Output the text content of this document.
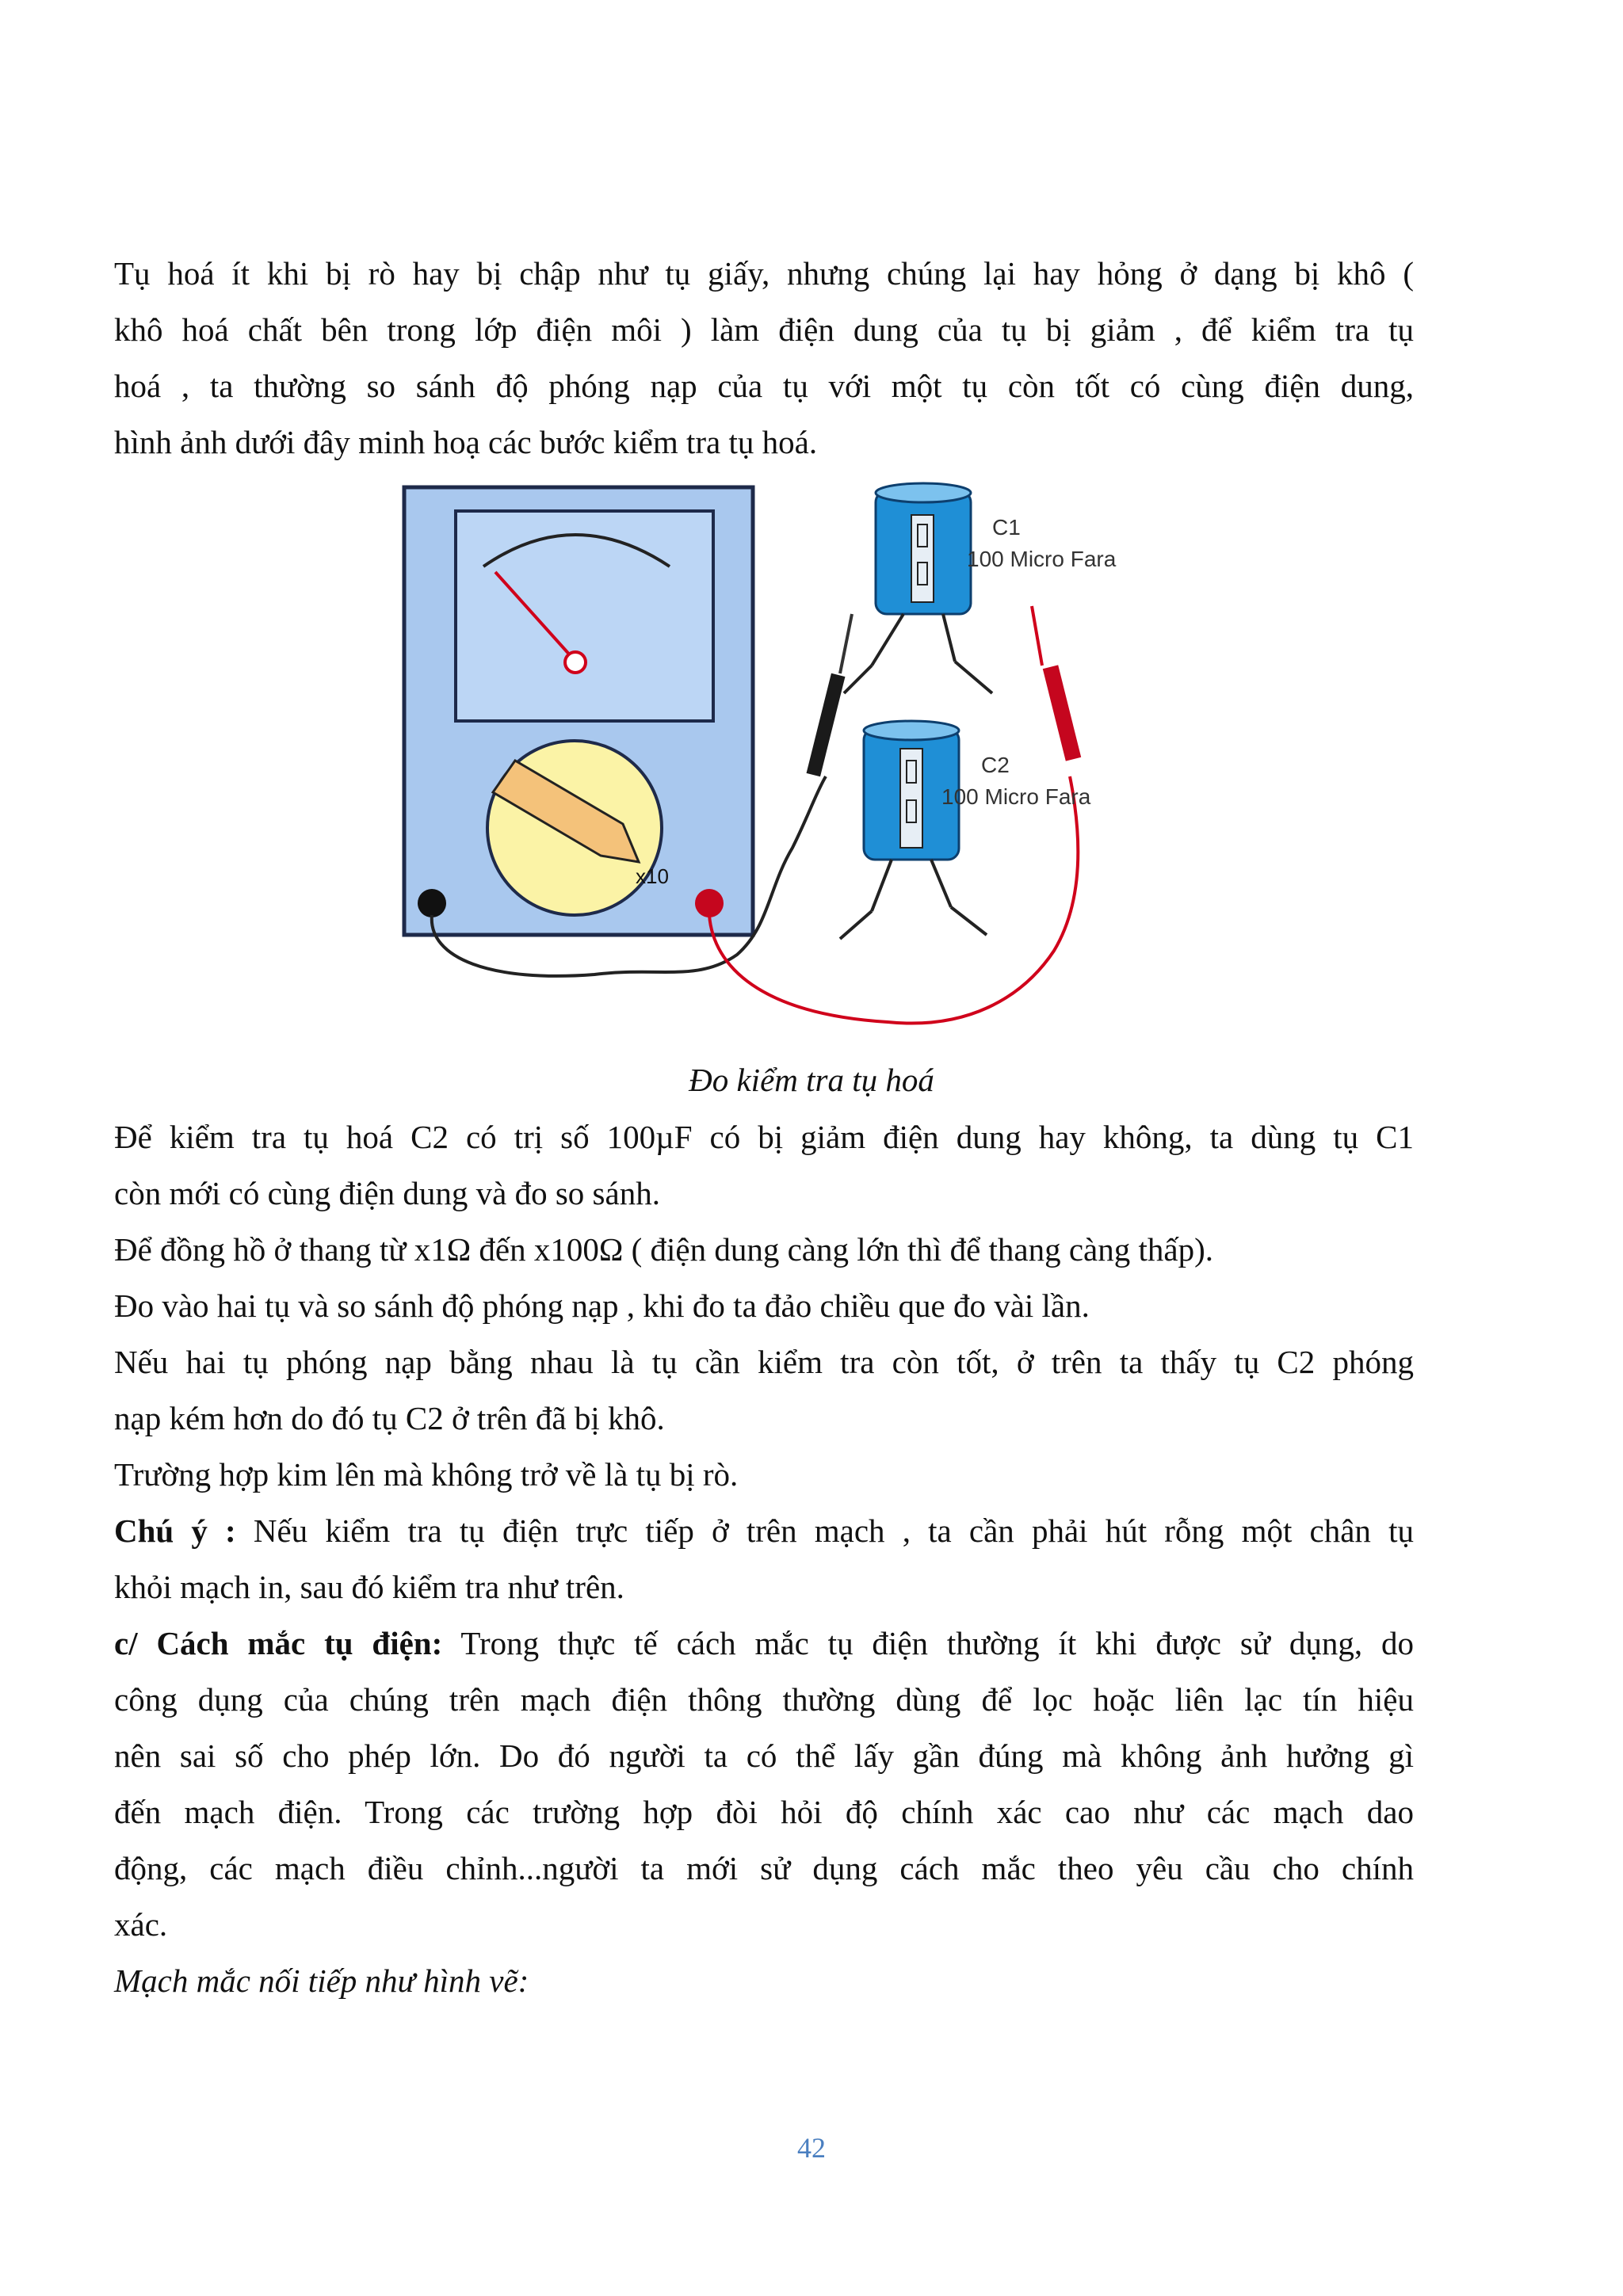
Tụ hoá ít khi bị rò hay bị chập như tụ giấy, nhưng chúng lại hay hỏng ở dạng bị khô (
khô hoá chất bên trong lớp điện môi ) làm điện dung của tụ bị giảm , để kiểm tra tụ
hoá , ta thường so sánh độ phóng nạp của tụ với một tụ còn tốt có cùng điện dung,
hình ảnh dưới đây minh hoạ các bước kiểm tra tụ hoá.
x10
C1
100 Micro Fara
C2
100 Micro Fara
Đo kiểm tra tụ hoá
Để kiểm tra tụ hoá C2 có trị số 100µF có bị giảm điện dung hay không, ta dùng tụ C1
còn mới có cùng điện dung và đo so sánh.
Để đồng hồ ở thang từ x1Ω đến x100Ω ( điện dung càng lớn thì để thang càng thấp).
Đo vào hai tụ và so sánh độ phóng nạp , khi đo ta đảo chiều que đo vài lần.
Nếu hai tụ phóng nạp bằng nhau là tụ cần kiểm tra còn tốt, ở trên ta thấy tụ C2 phóng
nạp kém hơn do đó tụ C2 ở trên đã bị khô.
Trường hợp kim lên mà không trở về là tụ bị rò.
Chú ý : Nếu kiểm tra tụ điện trực tiếp ở trên mạch , ta cần phải hút rỗng một chân tụ
khỏi mạch in, sau đó kiểm tra như trên.
c/ Cách mắc tụ điện: Trong thực tế cách mắc tụ điện thường ít khi được sử dụng, do
công dụng của chúng trên mạch điện thông thường dùng để lọc hoặc liên lạc tín hiệu
nên sai số cho phép lớn. Do đó người ta có thể lấy gần đúng mà không ảnh hưởng gì
đến mạch điện. Trong các trường hợp đòi hỏi độ chính xác cao như các mạch dao
động, các mạch điều chỉnh...người ta mới sử dụng cách mắc theo yêu cầu cho chính
xác.
Mạch mắc nối tiếp như hình vẽ:
42
